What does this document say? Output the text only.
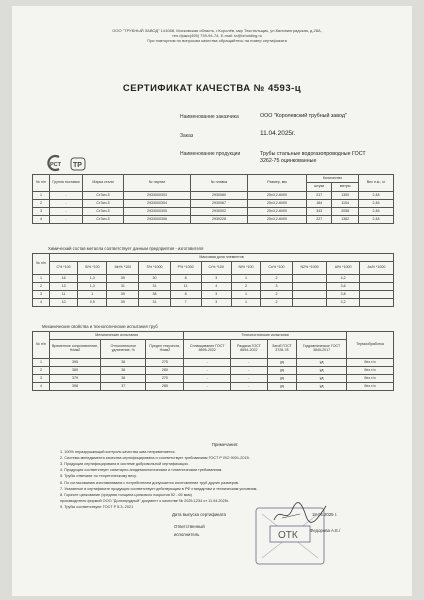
ООО "ТРУБНЫЙ ЗАВОД" 141088, Московская область, г.Королёв, мкр Текстильщик, ул.Калининградская, д.28А,
тел./факс(495) 739-94-74, E-mail: tz@tzholding.ru
При повторном по вопросам качества обращайтесь на номер сертификата
СЕРТИФИКАТ КАЧЕСТВА № 4593-ц
Наименование заказчика	ООО "Королевский трубный завод"
Заказ	11.04.2025г.
Наименование продукции	Трубы стальные водогазопроводные ГОСТ 3262-75 оцинкованные
PCT TP
№ п/п	Группа поставки	Марка стали	№ партии	№ плавок	Размер, мм	Количество		Вес п.м., кг
						штуки	метры	
1	-	Ст3сп-5	2933000303	2930080	25х3,2-6000	217	1300	2,48
2	-	Ст3сп-5	2933000304	2930067	25х3,2-6000	184	1104	2,46
3	-	Ст3сп-5	2933000305	2930002	25х3,2-6000	343	2058	2,46
4	-	Ст3сп-5	2933000306	2930228	25х3,2-6000	227	1362	2,48
Химический состав металла соответствует данным предприятия - изготовителя
№ п/п	Массовая доля элементов										
	C% *100	Si% *100	Mn% *100	S% *1000	P% *1000	Cr% *100	Ni% *100	Cu% *100	N2% *1000	Al% *1000	As% *1000
1	16	1,3	39	30	8	3	1	2		4,2	
2	13	1,3	31	31	11	4	2	3		3,6	
3	11	1	39	38	8	3	1	2		3,8	
4	10	0,9	39	31	7	3	1	2		3,2	
Механические свойства и технологические испытания труб
№ п/п	Механические испытания			Технологические испытания				Термообработка
	Временное сопротивление, Н/мм2	Относительное удлинение, %	Предел текучести, Н/мм2	Сплющивание ГОСТ 8695-2022	Раздача ГОСТ 8694-2022	Загиб ГОСТ 3728-78	Гидравлическое ГОСТ 3845-2017	
1	395	36	275	-	-	уд	уд	без т/о
2	380	36	280	-	-	уд	уд	без т/о
3	379	36	270	-	-	уд	уд	без т/о
4	398	37	285	-	-	уд	уд	без т/о
Примечания:
1. 100% неразрушающий контроль качества шва неприменяется.
2. Система менеджмента качества сертифицирована и соответствует требованиям ГОСТ Р ISO 9001-2015.
3. Продукция сертифицирована в системе добровольной сертификации.
4. Продукция соответствует санитарно-эпидемиологическим и гигиеническим требованиям.
5. Трубы отвечают по теоретическому весу.
6. По согласованию изготавливаем с потребителем допускается изготовление труб других размеров.
7. Указанные в сертификате продукция соответствует действующим в РФ стандартам и техническим условиям.
8. Горячее цинкование (средняя толщина цинкового покрытия 52 - 65 мкм)
производитель фирмой ООО "Долгопрудный" документ о качестве № 2025-1234 от 11.04.2025г.
9. Трубы соответствуют ГОСТ Р 5.3.-2021
Дата выпуска сертификата	18.04.2025 г.
Ответственный
исполнитель
Федорова А.Е./
ОТК
